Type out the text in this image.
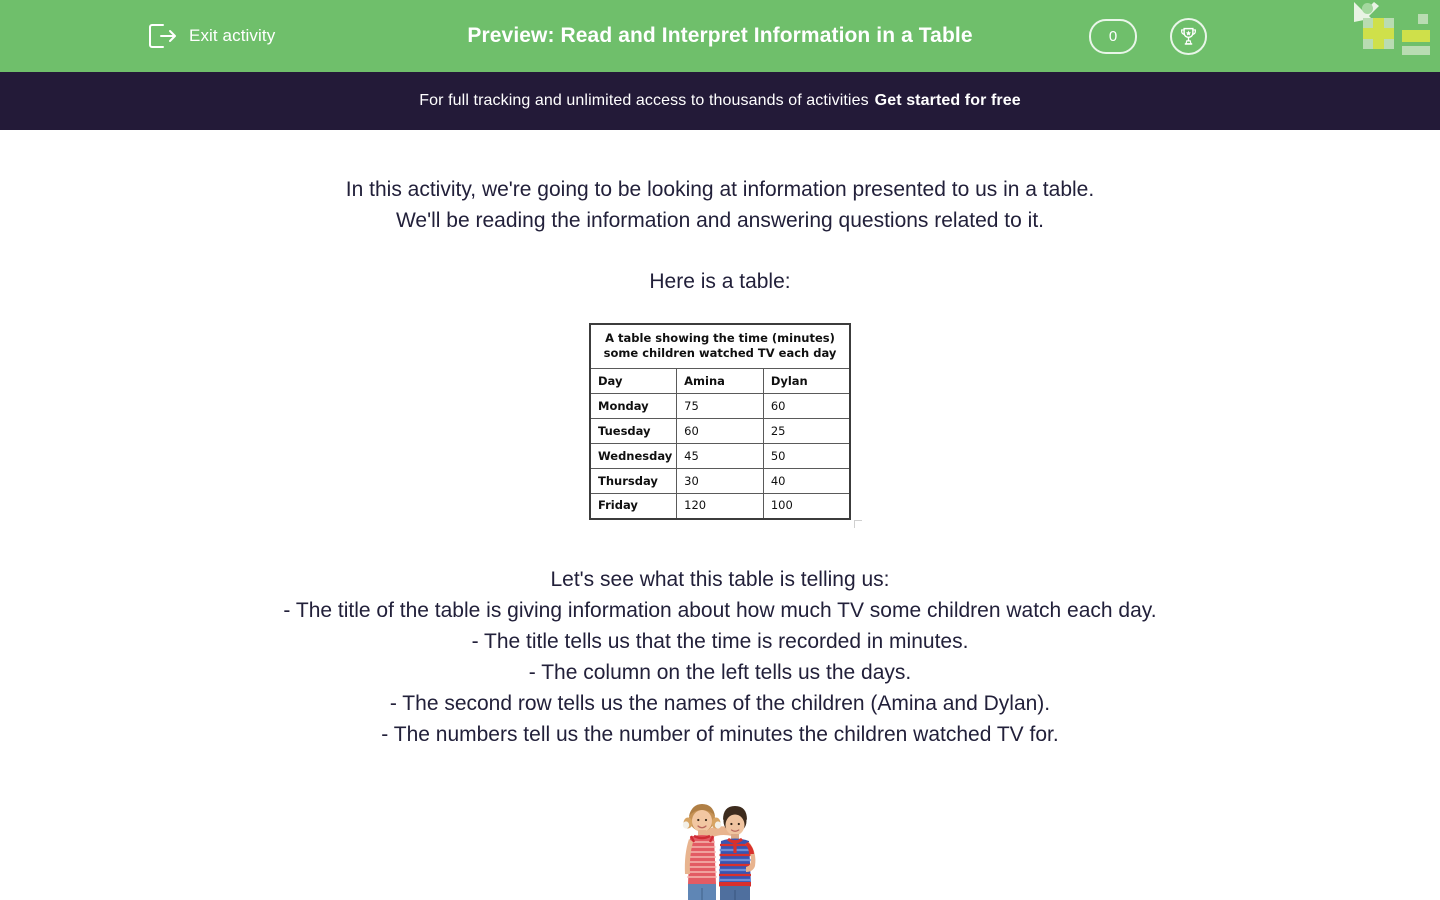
Exit activity	Preview: Read and Interpret Information in a Table	0
For full tracking and unlimited access to thousands of activities Get started for free
In this activity, we're going to be looking at information presented to us in a table.
We'll be reading the information and answering questions related to it.
Here is a table:
A table showing the time (minutes)
some children watched TV each day		
Day	Amina	Dylan
Monday	75	60
Tuesday	60	25
Wednesday	45	50
Thursday	30	40
Friday	120	100
Let's see what this table is telling us:
- The title of the table is giving information about how much TV some children watch each day.
- The title tells us that the time is recorded in minutes.
- The column on the left tells us the days.
- The second row tells us the names of the children (Amina and Dylan).
- The numbers tell us the number of minutes the children watched TV for.
